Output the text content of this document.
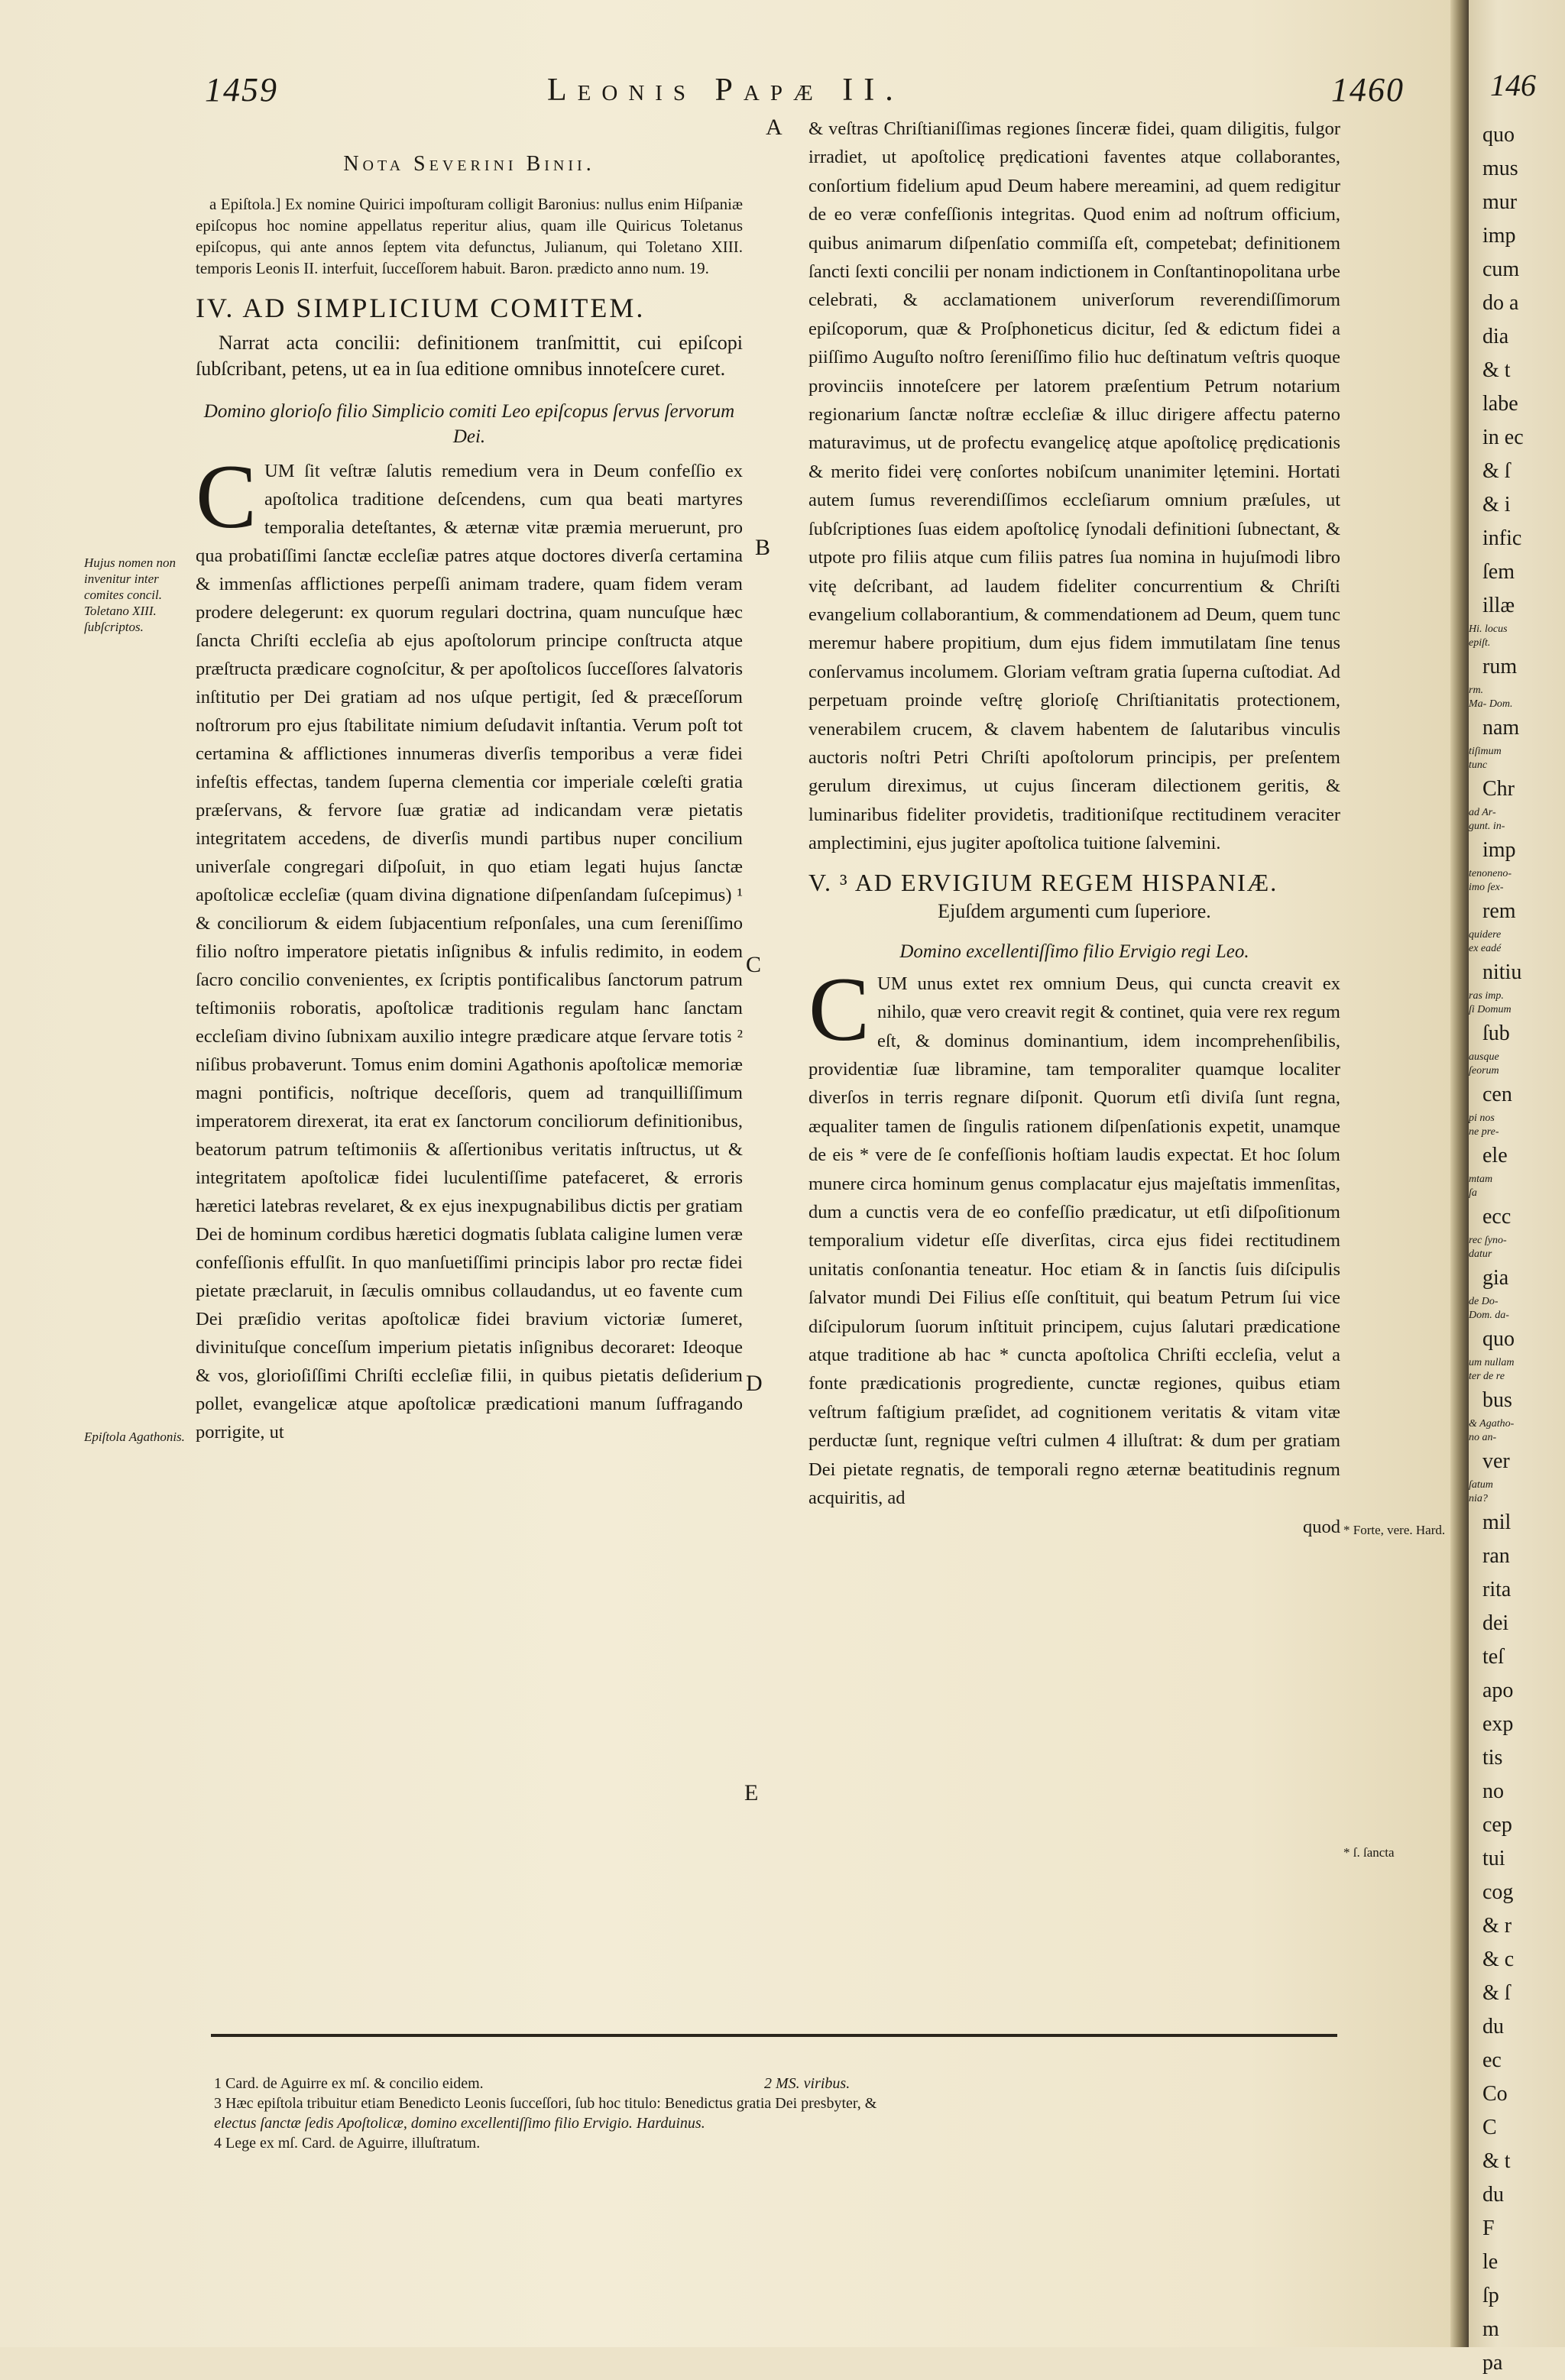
1459	Leonis Papæ II.	1460
Nota Severini Binii.

a Epiſtola.] Ex nomine Quirici impoſturam colligit Baronius: nullus enim Hiſpaniæ epiſcopus hoc nomine appellatus reperitur alius, quam ille Quiricus Toletanus epiſcopus, qui ante annos ſeptem vita defunctus, Julianum, qui Toletano XIII. temporis Leonis II. interfuit, ſucceſſorem habuit. Baron. prædicto anno num. 19.

IV. AD SIMPLICIUM COMITEM.

Narrat acta concilii: definitionem tranſmittit, cui epiſcopi ſubſcribant, petens, ut ea in ſua editione omnibus innoteſcere curet.

Domino glorioſo filio Simplicio comiti Leo epiſcopus ſervus ſervorum Dei.

CUM ſit veſtræ ſalutis remedium vera in Deum confeſſio ex apoſtolica traditione deſcendens, cum qua beati martyres temporalia deteſtantes, & æternæ vitæ præmia meruerunt, pro qua probatiſſimi ſanctæ eccleſiæ patres atque doctores diverſa certamina & immenſas afflictiones perpeſſi animam tradere, quam fidem veram prodere delegerunt: ex quorum regulari doctrina, quam nuncuſque hæc ſancta Chriſti eccleſia ab ejus apoſtolorum principe conſtructa atque præſtructa prædicare cognoſcitur, & per apoſtolicos ſucceſſores ſalvatoris inſtitutio per Dei gratiam ad nos uſque pertigit, ſed & præceſſorum noſtrorum pro ejus ſtabilitate nimium deſudavit inſtantia. Verum poſt tot certamina & afflictiones innumeras diverſis temporibus a veræ fidei infeſtis effectas, tandem ſuperna clementia cor imperiale cœleſti gratia præſervans, & fervore ſuæ gratiæ ad indicandam veræ pietatis integritatem accedens, de diverſis mundi partibus nuper concilium univerſale congregari diſpoſuit, in quo etiam legati hujus ſanctæ apoſtolicæ eccleſiæ (quam divina dignatione diſpenſandam ſuſcepimus) ¹ & conciliorum & eidem ſubjacentium reſponſales, una cum ſereniſſimo filio noſtro imperatore pietatis inſignibus & infulis redimito, in eodem ſacro concilio convenientes, ex ſcriptis pontificalibus ſanctorum patrum teſtimoniis roboratis, apoſtolicæ traditionis regulam hanc ſanctam eccleſiam divino ſubnixam auxilio integre prædicare atque ſervare totis ² niſibus probaverunt. Tomus enim domini Agathonis apoſtolicæ memoriæ magni pontificis, noſtrique deceſſoris, quem ad tranquilliſſimum imperatorem direxerat, ita erat ex ſanctorum conciliorum definitionibus, beatorum patrum teſtimoniis & aſſertionibus veritatis inſtructus, ut & integritatem apoſtolicæ fidei luculentiſſime patefaceret, & erroris hæretici latebras revelaret, & ex ejus inexpugnabilibus dictis per gratiam Dei de hominum cordibus hæretici dogmatis ſublata caligine lumen veræ confeſſionis effulſit. In quo manſuetiſſimi principis labor pro rectæ fidei pietate præclaruit, in ſæculis omnibus collaudandus, ut eo favente cum Dei præſidio veritas apoſtolicæ fidei bravium victoriæ ſumeret, divinituſque conceſſum imperium pietatis inſignibus decoraret: Ideoque & vos, glorioſiſſimi Chriſti eccleſiæ filii, in quibus pietatis deſiderium pollet, evangelicæ atque apoſtolicæ prædicationi manum ſuffragando porrigite, ut

& veſtras Chriſtianiſſimas regiones ſinceræ fidei, quam diligitis, fulgor irradiet, ut apoſtolicę prędicationi faventes atque collaborantes, conſortium fidelium apud Deum habere mereamini, ad quem redigitur de eo veræ confeſſionis integritas. Quod enim ad noſtrum officium, quibus animarum diſpenſatio commiſſa eſt, competebat; definitionem ſancti ſexti concilii per nonam indictionem in Conſtantinopolitana urbe celebrati, & acclamationem univerſorum reverendiſſimorum epiſcoporum, quæ & Proſphoneticus dicitur, ſed & edictum fidei a piiſſimo Auguſto noſtro ſereniſſimo filio huc deſtinatum veſtris quoque provinciis innoteſcere per latorem præſentium Petrum notarium regionarium ſanctæ noſtræ eccleſiæ & illuc dirigere affectu paterno maturavimus, ut de profectu evangelicę atque apoſtolicę prędicationis & merito fidei verę conſortes nobiſcum unanimiter lętemini. Hortati autem ſumus reverendiſſimos eccleſiarum omnium præſules, ut ſubſcriptiones ſuas eidem apoſtolicę ſynodali definitioni ſubnectant, & utpote pro filiis atque cum filiis patres ſua nomina in hujuſmodi libro vitę deſcribant, ad laudem fideliter concurrentium & Chriſti evangelium collaborantium, & commendationem ad Deum, quem tunc meremur habere propitium, dum ejus fidem immutilatam ſine tenus conſervamus incolumem. Gloriam veſtram gratia ſuperna cuſtodiat. Ad perpetuam proinde veſtrę glorioſę Chriſtianitatis protectionem, venerabilem crucem, & clavem habentem de ſalutaribus vinculis auctoris noſtri Petri Chriſti apoſtolorum principis, per preſentem gerulum direximus, ut cujus ſinceram dilectionem geritis, & luminaribus fideliter providetis, traditioniſque rectitudinem veraciter amplectimini, ejus jugiter apoſtolica tuitione ſalvemini.

V. ³ AD ERVIGIUM REGEM HISPANIÆ.
Ejuſdem argumenti cum ſuperiore.
Domino excellentiſſimo filio Ervigio regi Leo.

CUM unus extet rex omnium Deus, qui cuncta creavit ex nihilo, quæ vero creavit regit & continet, quia vere rex regum eſt, & dominus dominantium, idem incomprehenſibilis, providentiæ ſuæ libramine, tam temporaliter quamque localiter diverſos in terris regnare diſponit. Quorum etſi diviſa ſunt regna, æqualiter tamen de ſingulis rationem diſpenſationis expetit, unamque de eis * vere de ſe confeſſionis hoſtiam laudis expectat. Et hoc ſolum munere circa hominum genus complacatur ejus majeſtatis immenſitas, dum a cunctis vera de eo confeſſio prædicatur, ut etſi diſpoſitionum temporalium videtur eſſe diverſitas, circa ejus fidei rectitudinem unitatis conſonantia teneatur. Hoc etiam & in ſanctis ſuis diſcipulis ſalvator mundi Dei Filius eſſe conſtituit, qui beatum Petrum ſui vice diſcipulorum ſuorum inſtituit principem, cujus ſalutari prædicatione atque traditione ab hac * cuncta apoſtolica Chriſti eccleſia, velut a fonte prædicationis progrediente, cunctæ regiones, quibus etiam veſtrum faſtigium præſidet, ad cognitionem veritatis & vitam vitæ perductæ ſunt, regnique veſtri culmen 4 illuſtrat: & dum per gratiam Dei pietate regnatis, de temporali regno æternæ beatitudinis regnum acquiritis, ad

quod
A
B
C
D
E
Hujus nomen non invenitur inter comites concil. Toletano XIII. ſubſcriptos.
Epiſtola Agathonis.
* Forte, vere. Hard.
* ſ. ſancta
1 Card. de Aguirre ex mſ. & concilio eidem.	2 MS. viribus.
3 Hæc epiſtola tribuitur etiam Benedicto Leonis ſucceſſori, ſub hoc titulo: Benedictus gratia Dei presbyter, &
electus ſanctæ ſedis Apoſtolicæ, domino excellentiſſimo filio Ervigio. Harduinus.
4 Lege ex mſ. Card. de Aguirre, illuſtratum.
146
quo
mus
mur
imp
cum
do a
dia
& t
labe
in ec
& ſ
& i
infic
ſem
illæ
Hi. locus
epiſt.
rum
rm.
Ma- Dom.
nam
tiſimum
tunc
Chr
ad Ar-
gunt. in-
imp
tenoneno-
imo ſex-
rem
quidere
ex eadé
nitiu
ras imp.
ſi Domum
ſub
ausque
ſeorum
cen
pi nos
ne pre-
ele
mtam
ſa
ecc
rec ſyno-
datur
gia
de Do-
Dom. da-
quo
um nullam
ter de re
bus
& Agatho-
no an-
ver
ſatum
nia?
mil
ran
rita
dei
teſ
apo
exp
tis
no
cep
tui
cog
& r
& c
& ſ
du
ec
Co
C
& t
du
F
le
ſp
m
pa
